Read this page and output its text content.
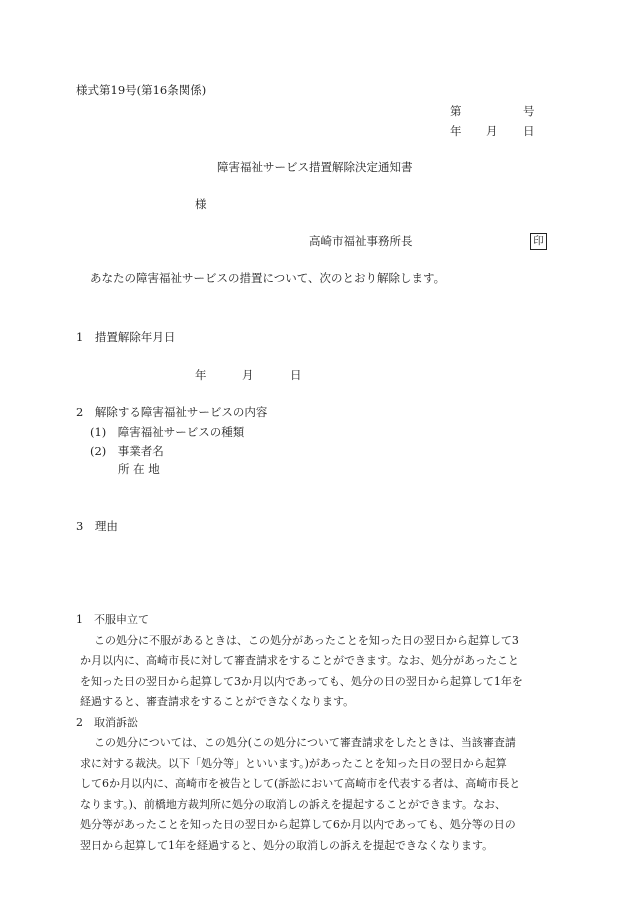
様式第19号(第16条関係)
第	号
年 月 日
障害福祉サービス措置解除決定通知書
様
高崎市福祉事務所長	印
あなたの障害福祉サービスの措置について、次のとおり解除します。
1　措置解除年月日
年	月	日
2　解除する障害福祉サービスの内容
(1)　障害福祉サービスの種類
(2)　事業者名
所 在 地
3　理由
1　不服申立て
この処分に不服があるときは、この処分があったことを知った日の翌日から起算して3
か月以内に、高崎市長に対して審査請求をすることができます。なお、処分があったこと
を知った日の翌日から起算して3か月以内であっても、処分の日の翌日から起算して1年を
経過すると、審査請求をすることができなくなります。
2　取消訴訟
この処分については、この処分(この処分について審査請求をしたときは、当該審査請
求に対する裁決。以下「処分等」といいます。)があったことを知った日の翌日から起算
して6か月以内に、高崎市を被告として(訴訟において高崎市を代表する者は、高崎市長と
なります。)、前橋地方裁判所に処分の取消しの訴えを提起することができます。なお、
処分等があったことを知った日の翌日から起算して6か月以内であっても、処分等の日の
翌日から起算して1年を経過すると、処分の取消しの訴えを提起できなくなります。
